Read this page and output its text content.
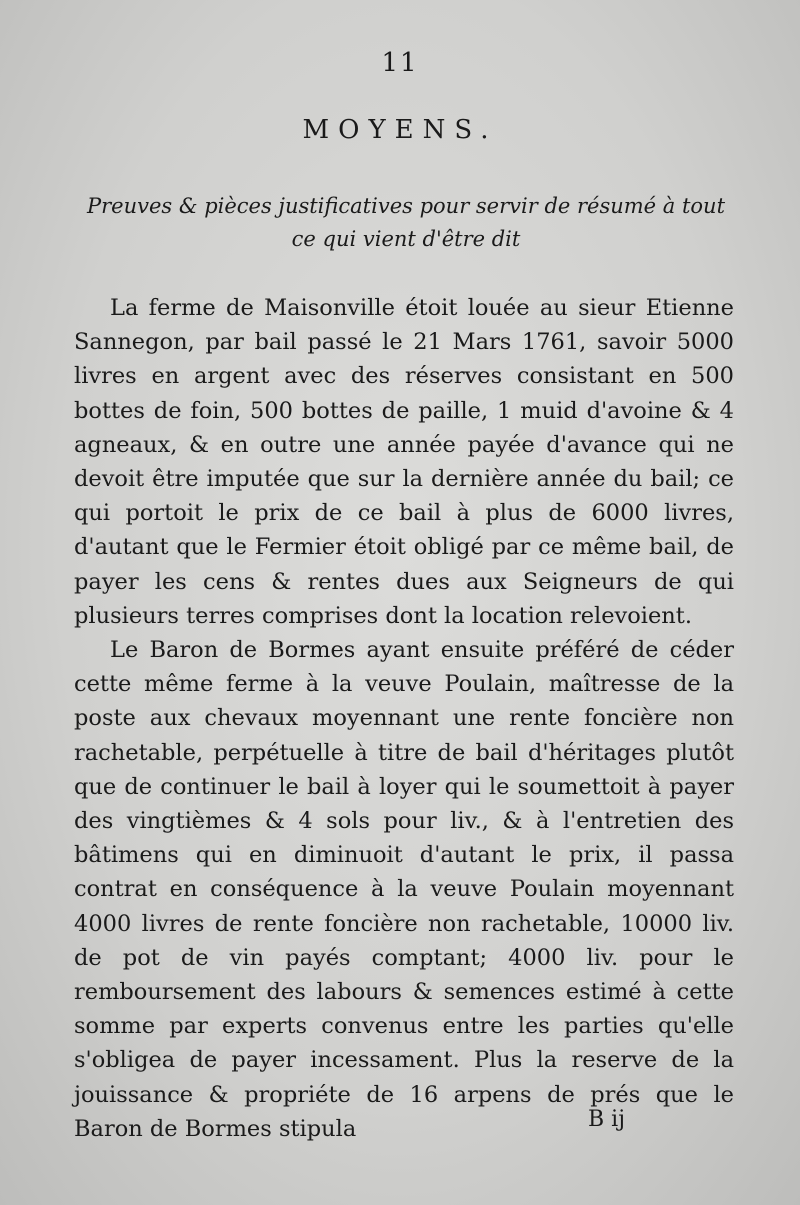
11
MOYENS.
Preuves & pièces justificatives pour servir de résumé à tout
ce qui vient d'être dit

La ferme de Maisonville étoit louée au sieur Etienne Sannegon, par bail passé le 21 Mars 1761, savoir 5000 livres en argent avec des réserves consistant en 500 bottes de foin, 500 bottes de paille, 1 muid d'avoine & 4 agneaux, & en outre une année payée d'avance qui ne devoit être imputée que sur la dernière année du bail; ce qui portoit le prix de ce bail à plus de 6000 livres, d'autant que le Fermier étoit obligé par ce même bail, de payer les cens & rentes dues aux Seigneurs de qui plusieurs terres comprises dont la location relevoient.

Le Baron de Bormes ayant ensuite préféré de céder cette même ferme à la veuve Poulain, maîtresse de la poste aux chevaux moyennant une rente foncière non rachetable, perpétuelle à titre de bail d'héritages plutôt que de continuer le bail à loyer qui le soumettoit à payer des vingtièmes & 4 sols pour liv., & à l'entretien des bâtimens qui en diminuoit d'autant le prix, il passa contrat en conséquence à la veuve Poulain moyennant 4000 livres de rente foncière non rachetable, 10000 liv. de pot de vin payés comptant; 4000 liv. pour le remboursement des labours & semences estimé à cette somme par experts convenus entre les parties qu'elle s'obligea de payer incessament. Plus la reserve de la jouissance & propriéte de 16 arpens de prés que le Baron de Bormes stipula	B ij
